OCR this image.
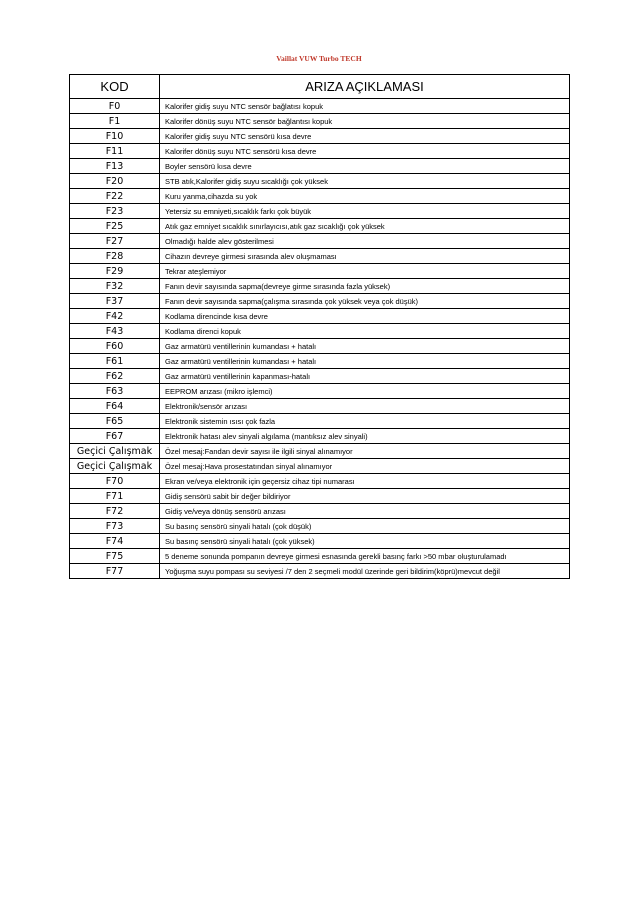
Vaillat VUW Turbo TECH
KOD	ARIZA AÇIKLAMASI
F0	Kalorifer gidiş suyu NTC sensör bağlatısı kopuk
F1	Kalorifer dönüş suyu NTC sensör bağlantısı kopuk
F10	Kalorifer gidiş suyu NTC sensörü kısa devre
F11	Kalorifer dönüş suyu NTC sensörü kısa devre
F13	Boyler sensörü kısa devre
F20	STB atık,Kalorifer gidiş suyu sıcaklığı çok yüksek
F22	Kuru yanma,cihazda su yok
F23	Yetersiz su emniyeti,sıcaklık farkı çok büyük
F25	Atık gaz emniyet sıcaklık sınırlayıcısı,atık gaz sıcaklığı çok yüksek
F27	Olmadığı halde alev gösterilmesi
F28	Cihazın devreye girmesi sırasında alev oluşmaması
F29	Tekrar ateşlemiyor
F32	Fanın devir sayısında sapma(devreye girme sırasında fazla yüksek)
F37	Fanın devir sayısında sapma(çalışma sırasında çok yüksek veya çok düşük)
F42	Kodlama direncinde kısa devre
F43	Kodlama direnci kopuk
F60	Gaz armatürü ventillerinin kumandası + hatalı
F61	Gaz armatürü ventillerinin kumandası + hatalı
F62	Gaz armatürü ventillerinin kapanması-hatalı
F63	EEPROM arızası (mikro işlemci)
F64	Elektronik/sensör arızası
F65	Elektronik sistemin ısısı çok fazla
F67	Elektronik hatası alev sinyali algılama (mantıksız alev sinyali)
Geçici Çalışmak	Özel mesaj:Fandan devir sayısı ile ilgili sinyal alınamıyor
Geçici Çalışmak	Özel mesaj:Hava prosestatından sinyal alınamıyor
F70	Ekran ve/veya elektronik için geçersiz cihaz tipi numarası
F71	Gidiş sensörü sabit bir değer bildiriyor
F72	Gidiş ve/veya dönüş sensörü arızası
F73	Su basınç sensörü sinyali hatalı (çok düşük)
F74	Su basınç sensörü sinyali hatalı (çok yüksek)
F75	5 deneme sonunda pompanın devreye girmesi esnasında gerekli basınç farkı >50 mbar oluşturulamadı
F77	Yoğuşma suyu pompası su seviyesi /7 den 2 seçmeli modül üzerinde geri bildirim(köprü)mevcut değil
